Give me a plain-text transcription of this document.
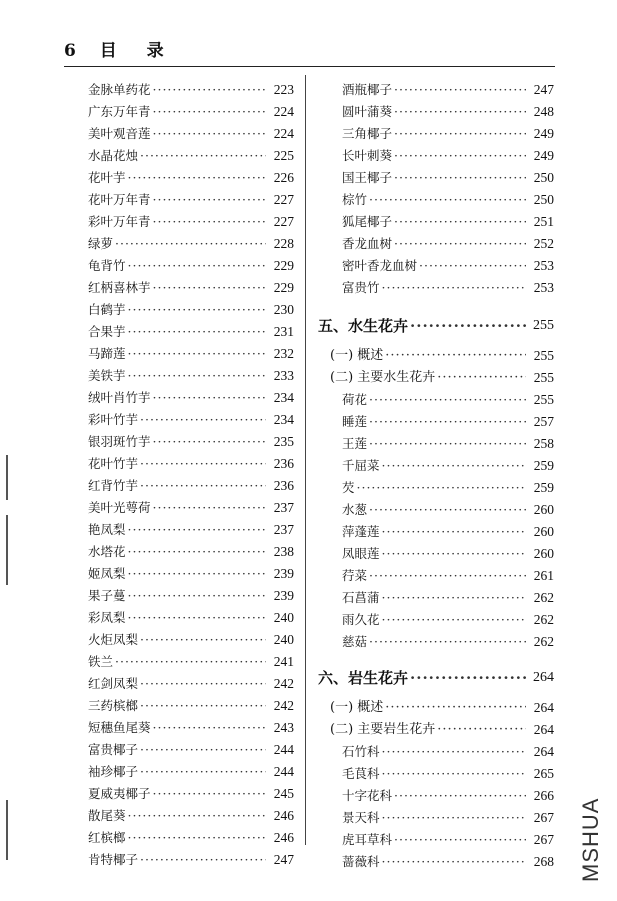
6 目 录
金脉单药花 ·····	223
广东万年青 ·····	224
美叶观音莲 ·····	224
水晶花烛 ·····	225
花叶芋 ·····	226
花叶万年青 ·····	227
彩叶万年青 ·····	227
绿萝 ·····	228
龟背竹 ·····	229
红柄喜林芋 ·····	229
白鹤芋 ·····	230
合果芋 ·····	231
马蹄莲 ·····	232
美铁芋 ·····	233
绒叶肖竹芋 ·····	234
彩叶竹芋 ·····	234
银羽斑竹芋 ·····	235
花叶竹芋 ·····	236
红背竹芋 ·····	236
美叶光萼荷 ·····	237
艳凤梨 ·····	237
水塔花 ·····	238
姬凤梨 ·····	239
果子蔓 ·····	239
彩凤梨 ·····	240
火炬凤梨 ·····	240
铁兰 ·····	241
红剑凤梨 ·····	242
三药槟榔 ·····	242
短穗鱼尾葵 ·····	243
富贵椰子 ·····	244
袖珍椰子 ·····	244
夏威夷椰子 ·····	245
散尾葵 ·····	246
红槟榔 ·····	246
肯特椰子 ·····	247
酒瓶椰子 ·····	247
圆叶蒲葵 ·····	248
三角椰子 ·····	249
长叶刺葵 ·····	249
国王椰子 ·····	250
棕竹 ·····	250
狐尾椰子 ·····	251
香龙血树 ·····	252
密叶香龙血树 ·····	253
富贵竹 ·····	253
五、水生花卉 ·····	255
(一) 概述 ·····	255
(二) 主要水生花卉 ·····	255
荷花 ·····	255
睡莲 ·····	257
王莲 ·····	258
千屈菜 ·····	259
芡 ·····	259
水葱 ·····	260
萍蓬莲 ·····	260
凤眼莲 ·····	260
荇菜 ·····	261
石菖蒲 ·····	262
雨久花 ·····	262
慈菇 ·····	262
六、岩生花卉 ·····	264
(一) 概述 ·····	264
(二) 主要岩生花卉 ·····	264
石竹科 ·····	264
毛茛科 ·····	265
十字花科 ·····	266
景天科 ·····	267
虎耳草科 ·····	267
蔷薇科 ·····	268 MSHUA
